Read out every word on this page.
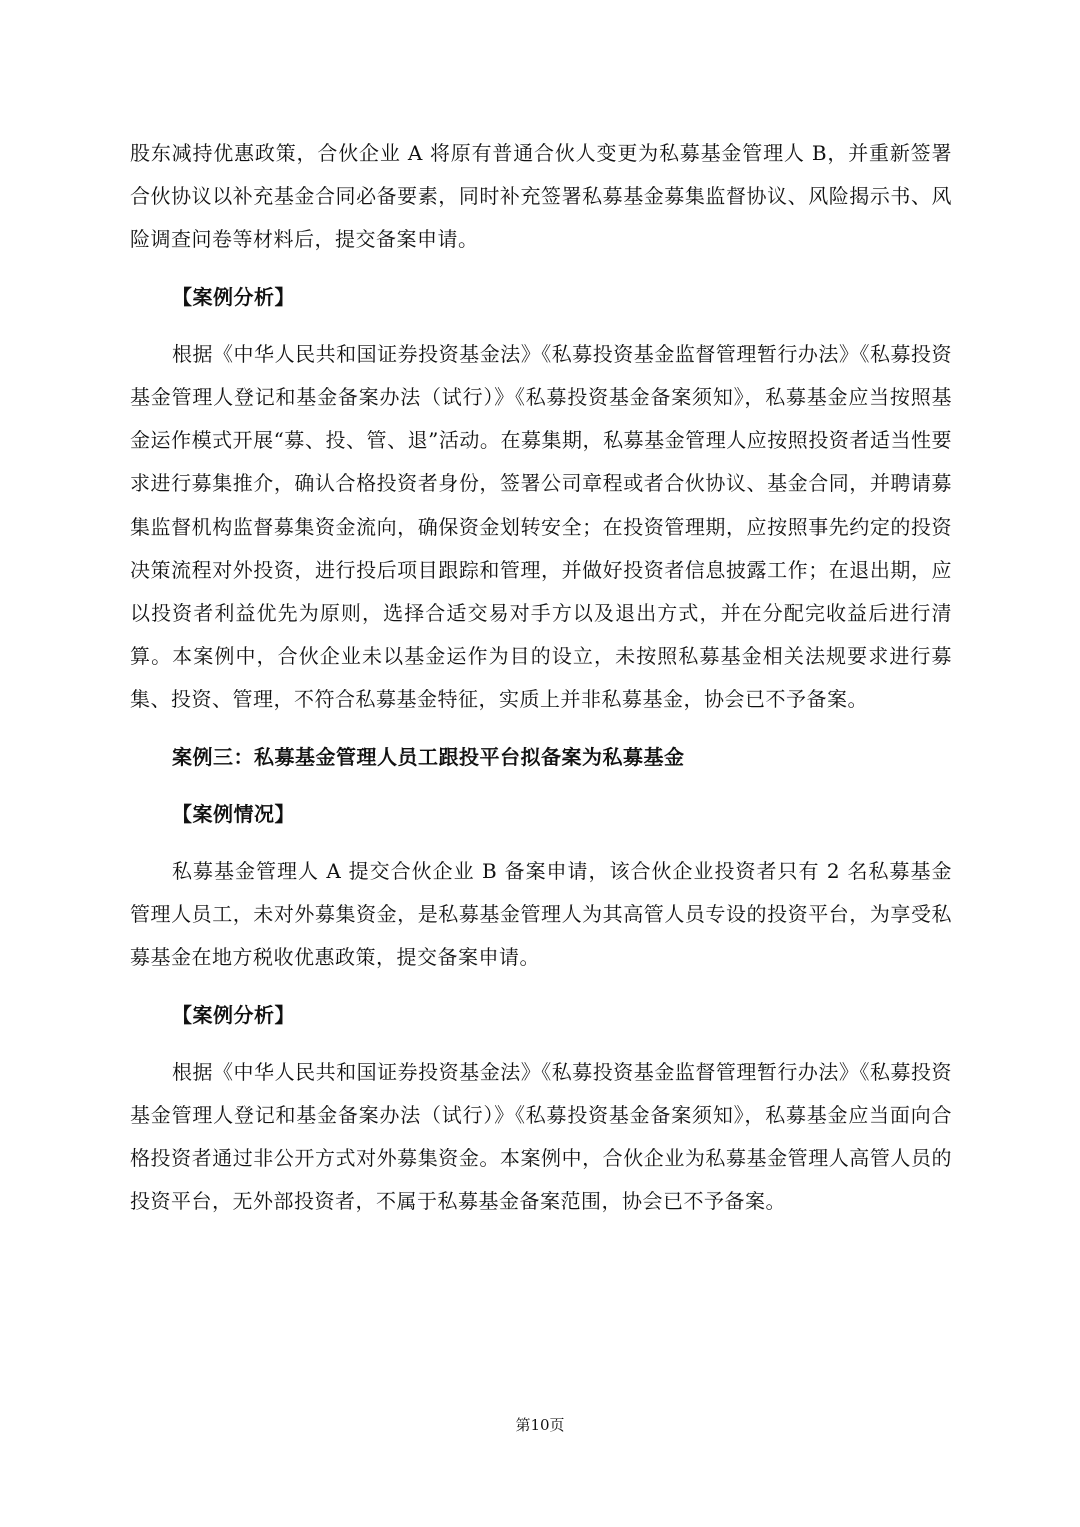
股东减持优惠政策，合伙企业 A 将原有普通合伙人变更为私募基金管理人 B，并重新签署合伙协议以补充基金合同必备要素，同时补充签署私募基金募集监督协议、风险揭示书、风险调查问卷等材料后，提交备案申请。

【案例分析】

根据《中华人民共和国证券投资基金法》《私募投资基金监督管理暂行办法》《私募投资基金管理人登记和基金备案办法（试行）》《私募投资基金备案须知》，私募基金应当按照基金运作模式开展“募、投、管、退”活动。在募集期，私募基金管理人应按照投资者适当性要求进行募集推介，确认合格投资者身份，签署公司章程或者合伙协议、基金合同，并聘请募集监督机构监督募集资金流向，确保资金划转安全；在投资管理期，应按照事先约定的投资决策流程对外投资，进行投后项目跟踪和管理，并做好投资者信息披露工作；在退出期，应以投资者利益优先为原则，选择合适交易对手方以及退出方式，并在分配完收益后进行清算。本案例中，合伙企业未以基金运作为目的设立，未按照私募基金相关法规要求进行募集、投资、管理，不符合私募基金特征，实质上并非私募基金，协会已不予备案。

案例三：私募基金管理人员工跟投平台拟备案为私募基金

【案例情况】

私募基金管理人 A 提交合伙企业 B 备案申请，该合伙企业投资者只有 2 名私募基金管理人员工，未对外募集资金，是私募基金管理人为其高管人员专设的投资平台，为享受私募基金在地方税收优惠政策，提交备案申请。

【案例分析】

根据《中华人民共和国证券投资基金法》《私募投资基金监督管理暂行办法》《私募投资基金管理人登记和基金备案办法（试行）》《私募投资基金备案须知》，私募基金应当面向合格投资者通过非公开方式对外募集资金。本案例中，合伙企业为私募基金管理人高管人员的投资平台，无外部投资者，不属于私募基金备案范围，协会已不予备案。

第10页
